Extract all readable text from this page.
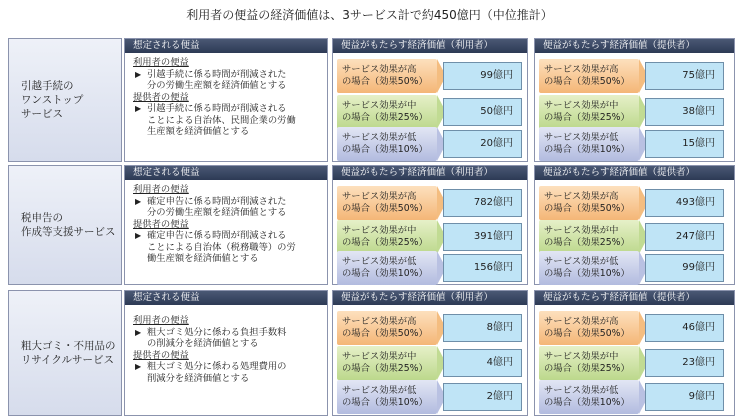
利用者の便益の経済価値は、3サービス計で約450億円（中位推計）
引越手続の
ワンストップ
サービス
想定される便益
利用者の便益
▶ 引越手続に係る時間が削減された
分の労働生産額を経済価値とする
提供者の便益
▶ 引越手続に係る時間が削減される
ことによる自治体、民間企業の労働
生産額を経済価値とする
便益がもたらす経済価値（利用者）
サービス効果が高
の場合（効果50%）
99億円
サービス効果が中
の場合（効果25%）
50億円
サービス効果が低
の場合（効果10%）
20億円
便益がもたらす経済価値（提供者）
サービス効果が高
の場合（効果50%）
75億円
サービス効果が中
の場合（効果25%）
38億円
サービス効果が低
の場合（効果10%）
15億円
税申告の
作成等支援サービス
想定される便益
利用者の便益
▶ 確定申告に係る時間が削減された
分の労働生産額を経済価値とする
提供者の便益
▶ 確定申告に係る時間が削減される
ことによる自治体（税務職等）の労
働生産額を経済価値とする
便益がもたらす経済価値（利用者）
サービス効果が高
の場合（効果50%）
782億円
サービス効果が中
の場合（効果25%）
391億円
サービス効果が低
の場合（効果10%）
156億円
便益がもたらす経済価値（提供者）
サービス効果が高
の場合（効果50%）
493億円
サービス効果が中
の場合（効果25%）
247億円
サービス効果が低
の場合（効果10%）
99億円
粗大ゴミ・不用品の
リサイクルサービス
想定される便益
利用者の便益
▶ 粗大ゴミ処分に係わる負担手数料
の削減分を経済価値とする
提供者の便益
▶ 粗大ゴミ処分に係わる処理費用の
削減分を経済価値とする
便益がもたらす経済価値（利用者）
サービス効果が高
の場合（効果50%）
8億円
サービス効果が中
の場合（効果25%）
4億円
サービス効果が低
の場合（効果10%）
2億円
便益がもたらす経済価値（提供者）
サービス効果が高
の場合（効果50%）
46億円
サービス効果が中
の場合（効果25%）
23億円
サービス効果が低
の場合（効果10%）
9億円
